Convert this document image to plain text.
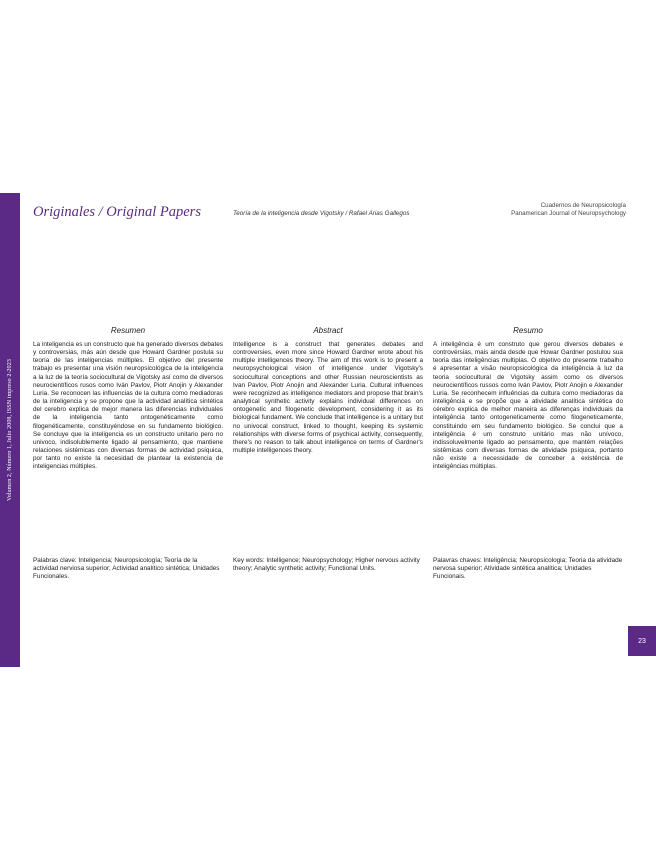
Volumen 2, Número 1, Julio 2008, ISSN impreso 2-2023
Originales / Original Papers	Teoría de la inteligencia desde Vigotsky / Rafael Arias Gallegos
Cuadernos de Neuropsicología
Panamerican Journal of Neuropsychology
Resumen

La inteligencia es un constructo que ha generado diversos debates y controversias, más aún desde que Howard Gardner postula su teoría de las inteligencias múltiples. El objetivo del presente trabajo es presentar una visión neuropsicológica de la inteligencia a la luz de la teoría sociocultural de Vigotsky así como de diversos neurocientíficos rusos como Iván Pavlov, Piotr Anojin y Alexander Luria. Se reconocen las influencias de la cultura como mediadoras de la inteligencia y se propone que la actividad analítica sintética del cerebro explica de mejor manera las diferencias individuales de la inteligencia tanto ontogenéticamente como filogenéticamente, constituyéndose en su fundamento biológico. Se concluye que la inteligencia es un constructo unitario pero no univoco, indisolublemente ligado al pensamiento, que mantiene relaciones sistémicas con diversas formas de actividad psíquica, por tanto no existe la necesidad de plantear la existencia de inteligencias múltiples.

Abstract

Intelligence is a construct that generates debates and controversies, even more since Howard Gardner wrote about his multiple intelligences theory. The aim of this work is to present a neuropsychological vision of intelligence under Vigotsky's sociocultural conceptions and other Russian neuroscientists as Ivan Pavlov, Piotr Anojin and Alexander Luria. Cultural influences were recognized as intelligence mediators and propose that brain's analytical synthetic activity explains individual differences on ontogenetic and filogenetic development, considering it as its biological fundament. We conclude that intelligence is a unitary but no univocal construct, linked to thought, keeping its systemic relationships with diverse forms of psychical activity, consequently, there's no reason to talk about intelligence on terms of Gardner's multiple intelligences theory.

Resumo

A inteligência é um construto que gerou diversos debates e controvérsias, mais ainda desde que Howar Gardner postulou sua teoria das inteligências multiplas. O objetivo do presente trabalho é apresentar a visão neuropsicológica da inteligência à luz da teoria sociocultural de Vigotsky assim como os diversos neurocientíficos russos como Iván Pavlov, Piotr Anojin e Alexander Luria. Se reconhecem influências da cultura como mediadoras da inteligência e se propõe que a atividade analítica sintética do cérebro explica de melhor maneira as diferenças individuais da inteligência tanto ontogeneticamente como filogeneticamente, constituindo em seu fundamento biológico. Se conclui que a inteligência é um construto unitário mas não unívoco, indissoluvelmente ligado ao pensamento, que mantém relações sistêmicas com diversas formas de atividade psíquica, portanto não existe a necessidade de conceber a existência de inteligências múltiplas.

Palabras clave: Inteligencia; Neuropsicología; Teoría de la actividad nerviosa superior; Actividad analítico sintética; Unidades Funcionales.

Key words: Intelligence; Neuropsychology; Higher nervous activity theory; Analytic synthetic activity; Functional Units.

Palavras chaves: Inteligência; Neuropsicologia; Teoria da atividade nervosa superior; Atividade sintética analítica; Unidades Funcionais.

23
